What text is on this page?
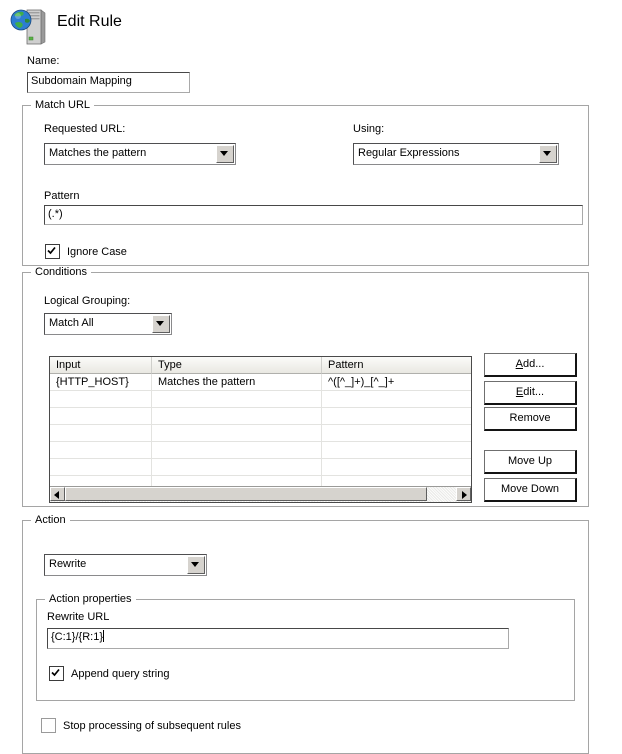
Edit Rule
Name:
Subdomain Mapping
Match URL
Requested URL:
Matches the pattern
Using:
Regular Expressions
Pattern
(.*)
Ignore Case
Conditions
Logical Grouping:
Match All
Input	Type	Pattern
{HTTP_HOST}	Matches the pattern	^([^_]+)_[^_]+
Add...
Edit...
Remove
Move Up
Move Down
Action
Rewrite
Action properties
Rewrite URL
{C:1}/{R:1}
Append query string
Stop processing of subsequent rules
